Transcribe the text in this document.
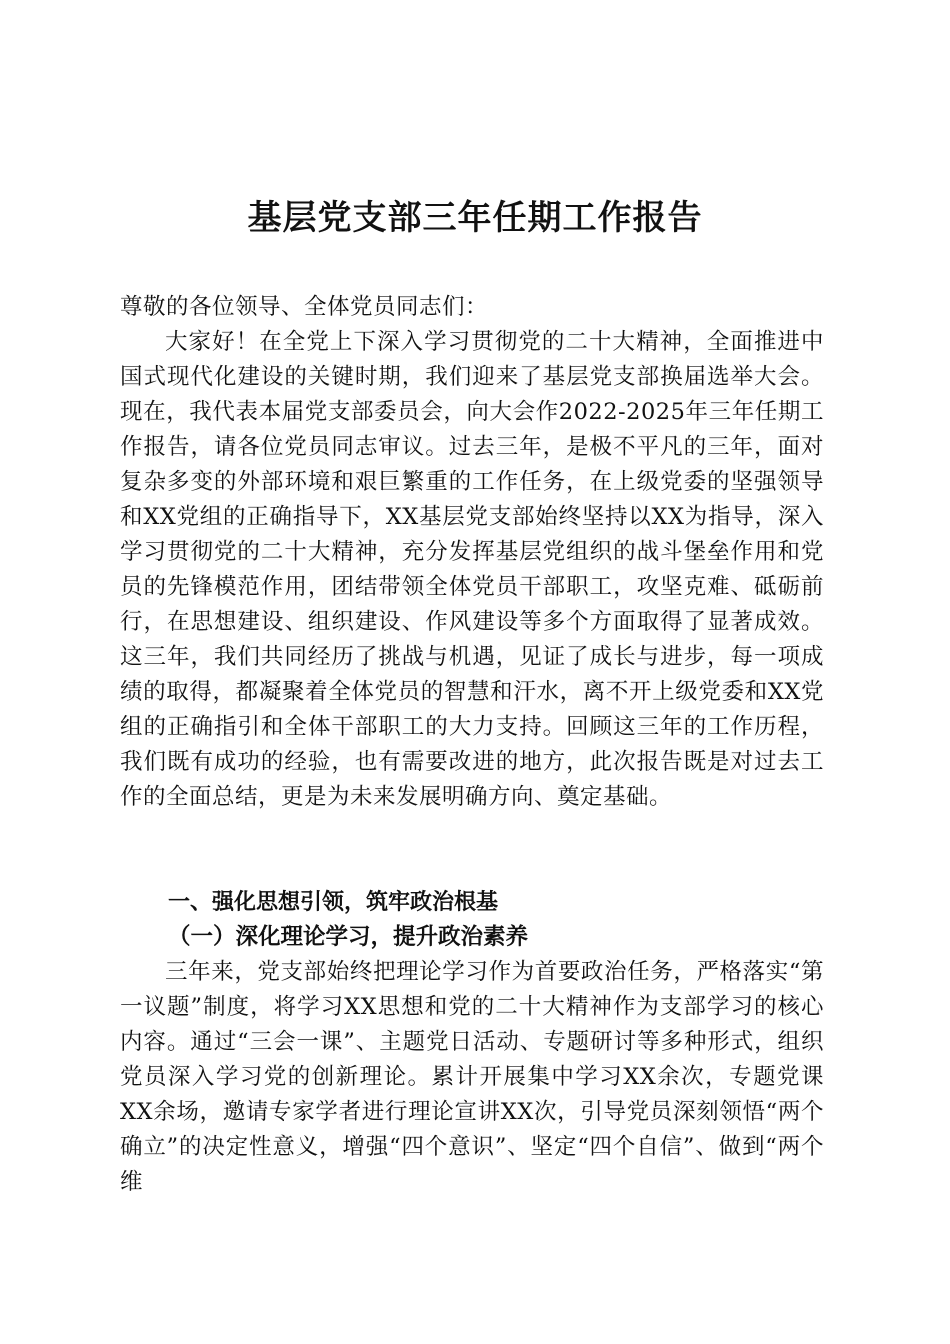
基层党支部三年任期工作报告

尊敬的各位领导、全体党员同志们：

大家好！在全党上下深入学习贯彻党的二十大精神，全面推进中国式现代化建设的关键时期，我们迎来了基层党支部换届选举大会。现在，我代表本届党支部委员会，向大会作2022-2025年三年任期工作报告，请各位党员同志审议。过去三年，是极不平凡的三年，面对复杂多变的外部环境和艰巨繁重的工作任务，在上级党委的坚强领导和XX党组的正确指导下，XX基层党支部始终坚持以XX为指导，深入学习贯彻党的二十大精神，充分发挥基层党组织的战斗堡垒作用和党员的先锋模范作用，团结带领全体党员干部职工，攻坚克难、砥砺前行，在思想建设、组织建设、作风建设等多个方面取得了显著成效。这三年，我们共同经历了挑战与机遇，见证了成长与进步，每一项成绩的取得，都凝聚着全体党员的智慧和汗水，离不开上级党委和XX党组的正确指引和全体干部职工的大力支持。回顾这三年的工作历程，我们既有成功的经验，也有需要改进的地方，此次报告既是对过去工作的全面总结，更是为未来发展明确方向、奠定基础。

一、强化思想引领，筑牢政治根基
（一）深化理论学习，提升政治素养

三年来，党支部始终把理论学习作为首要政治任务，严格落实“第一议题”制度，将学习XX思想和党的二十大精神作为支部学习的核心内容。通过“三会一课”、主题党日活动、专题研讨等多种形式，组织党员深入学习党的创新理论。累计开展集中学习XX余次，专题党课XX余场，邀请专家学者进行理论宣讲XX次，引导党员深刻领悟“两个确立”的决定性意义，增强“四个意识”、坚定“四个自信”、做到“两个维
